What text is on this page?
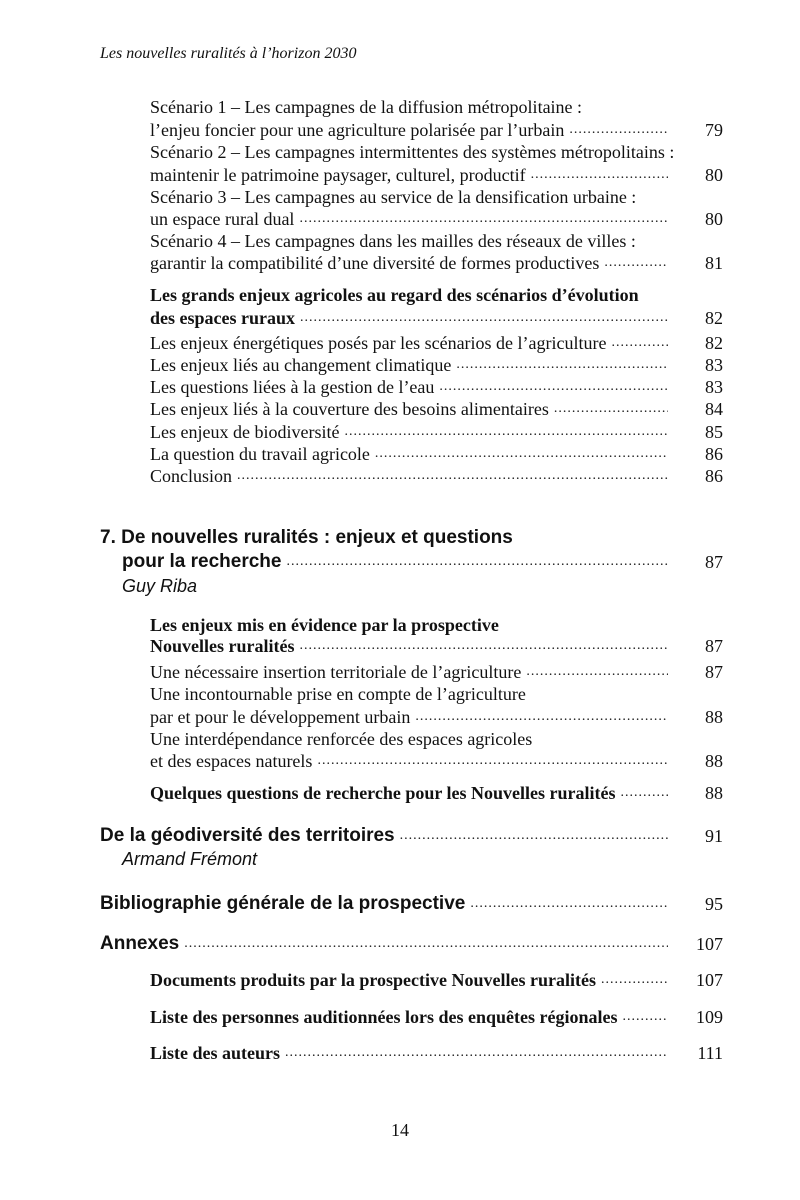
Les nouvelles ruralités à l’horizon 2030
Scénario 1 – Les campagnes de la diffusion métropolitaine :
l’enjeu foncier pour une agriculture polarisée par l’urbain .....	79
Scénario 2 – Les campagnes intermittentes des systèmes métropolitains :
maintenir le patrimoine paysager, culturel, productif .....	80
Scénario 3 – Les campagnes au service de la densification urbaine :
un espace rural dual .....	80
Scénario 4 – Les campagnes dans les mailles des réseaux de villes :
garantir la compatibilité d’une diversité de formes productives .....	81
Les grands enjeux agricoles au regard des scénarios d’évolution
des espaces ruraux .....	82
Les enjeux énergétiques posés par les scénarios de l’agriculture .....	82
Les enjeux liés au changement climatique .....	83
Les questions liées à la gestion de l’eau .....	83
Les enjeux liés à la couverture des besoins alimentaires .....	84
Les enjeux de biodiversité .....	85
La question du travail agricole .....	86
Conclusion .....	86
7. De nouvelles ruralités : enjeux et questions
pour la recherche .....	87
Guy Riba
Les enjeux mis en évidence par la prospective
Nouvelles ruralités .....	87
Une nécessaire insertion territoriale de l’agriculture .....	87
Une incontournable prise en compte de l’agriculture
par et pour le développement urbain .....	88
Une interdépendance renforcée des espaces agricoles
et des espaces naturels .....	88
Quelques questions de recherche pour les Nouvelles ruralités .....	88
De la géodiversité des territoires .....	91
Armand Frémont
Bibliographie générale de la prospective .....	95
Annexes .....	107
Documents produits par la prospective Nouvelles ruralités .....	107
Liste des personnes auditionnées lors des enquêtes régionales .....	109
Liste des auteurs .....	111
14
